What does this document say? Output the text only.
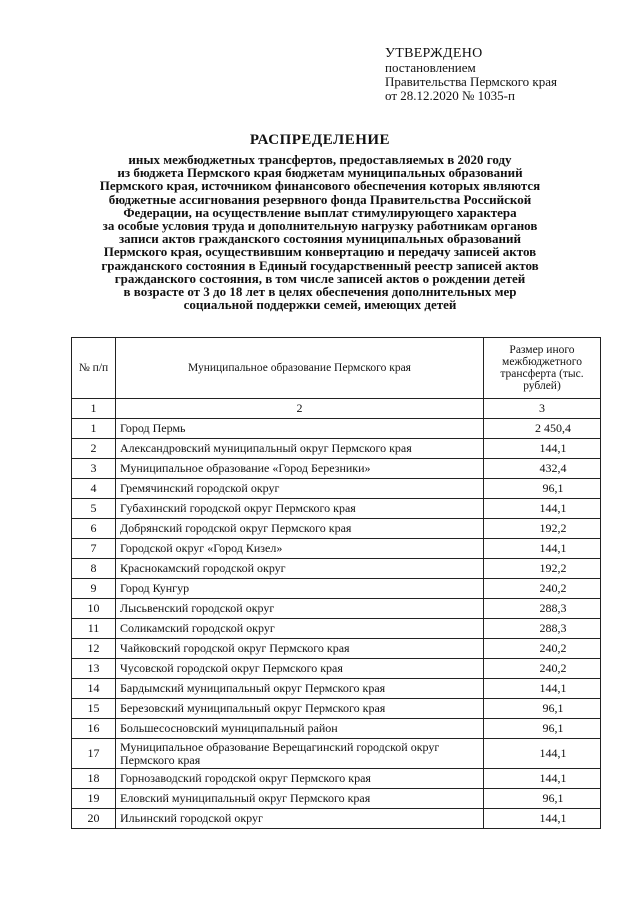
УТВЕРЖДЕНО
постановлением
Правительства Пермского края
от 28.12.2020 № 1035-п
РАСПРЕДЕЛЕНИЕ
иных межбюджетных трансфертов, предоставляемых в 2020 году
из бюджета Пермского края бюджетам муниципальных образований
Пермского края, источником финансового обеспечения которых являются
бюджетные ассигнования резервного фонда Правительства Российской
Федерации, на осуществление выплат стимулирующего характера
за особые условия труда и дополнительную нагрузку работникам органов
записи актов гражданского состояния муниципальных образований
Пермского края, осуществившим конвертацию и передачу записей актов
гражданского состояния в Единый государственный реестр записей актов
гражданского состояния, в том числе записей актов о рождении детей
в возрасте от 3 до 18 лет в целях обеспечения дополнительных мер
социальной поддержки семей, имеющих детей
№ п/п	Муниципальное образование Пермского края	Размер иного межбюджетного трансферта (тыс. рублей)
1	2	3
1	Город Пермь	2 450,4
2	Александровский муниципальный округ Пермского края	144,1
3	Муниципальное образование «Город Березники»	432,4
4	Гремячинский городской округ	96,1
5	Губахинский городской округ Пермского края	144,1
6	Добрянский городской округ Пермского края	192,2
7	Городской округ «Город Кизел»	144,1
8	Краснокамский городской округ	192,2
9	Город Кунгур	240,2
10	Лысьвенский городской округ	288,3
11	Соликамский городской округ	288,3
12	Чайковский городской округ Пермского края	240,2
13	Чусовской городской округ Пермского края	240,2
14	Бардымский муниципальный округ Пермского края	144,1
15	Березовский муниципальный округ Пермского края	96,1
16	Большесосновский муниципальный район	96,1
17	Муниципальное образование Верещагинский городской округ Пермского края	144,1
18	Горнозаводский городской округ Пермского края	144,1
19	Еловский муниципальный округ Пермского края	96,1
20	Ильинский городской округ	144,1
